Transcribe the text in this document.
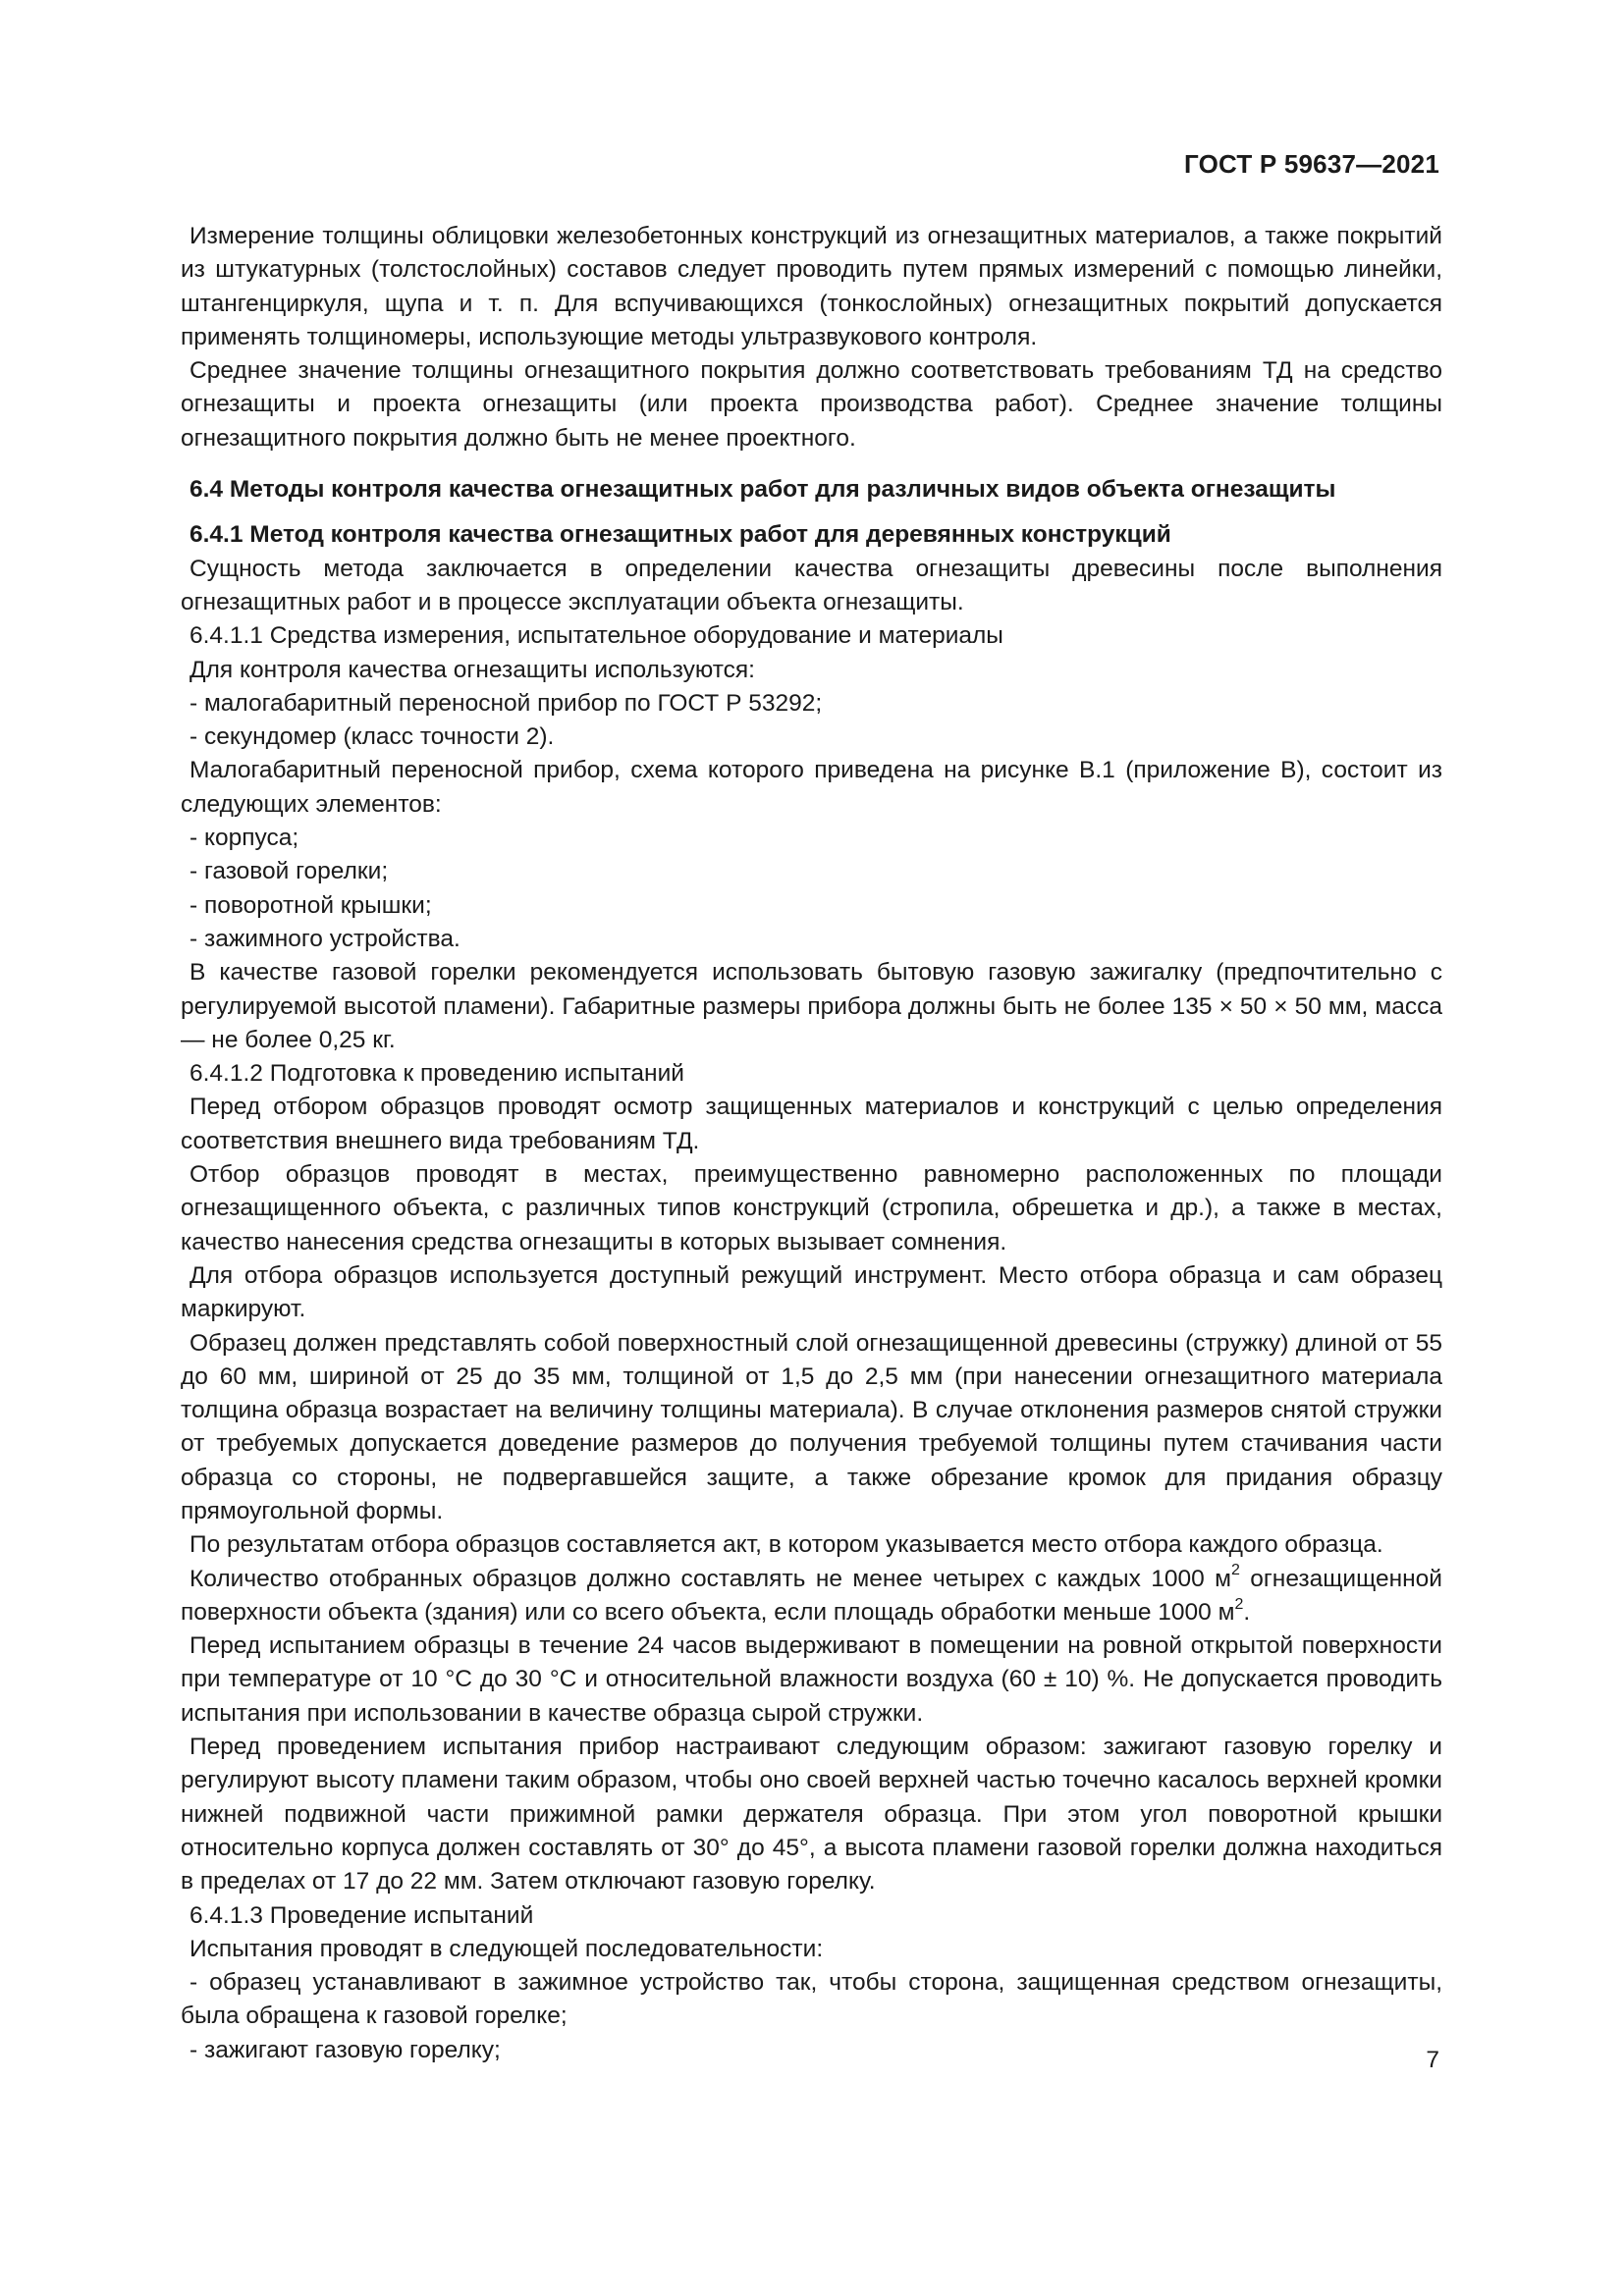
ГОСТ Р 59637—2021

Измерение толщины облицовки железобетонных конструкций из огнезащитных материалов, а также покрытий из штукатурных (толстослойных) составов следует проводить путем прямых измерений с помощью линейки, штангенциркуля, щупа и т. п. Для вспучивающихся (тонкослойных) огнезащитных покрытий допускается применять толщиномеры, использующие методы ультразвукового контроля.

Среднее значение толщины огнезащитного покрытия должно соответствовать требованиям ТД на средство огнезащиты и проекта огнезащиты (или проекта производства работ). Среднее значение толщины огнезащитного покрытия должно быть не менее проектного.

6.4 Методы контроля качества огнезащитных работ для различных видов объекта огнезащиты

6.4.1 Метод контроля качества огнезащитных работ для деревянных конструкций

Сущность метода заключается в определении качества огнезащиты древесины после выполнения огнезащитных работ и в процессе эксплуатации объекта огнезащиты.

6.4.1.1 Средства измерения, испытательное оборудование и материалы

Для контроля качества огнезащиты используются:

- малогабаритный переносной прибор по ГОСТ Р 53292;

- секундомер (класс точности 2).

Малогабаритный переносной прибор, схема которого приведена на рисунке В.1 (приложение В), состоит из следующих элементов:

- корпуса;

- газовой горелки;

- поворотной крышки;

- зажимного устройства.

В качестве газовой горелки рекомендуется использовать бытовую газовую зажигалку (предпочтительно с регулируемой высотой пламени). Габаритные размеры прибора должны быть не более 135 × 50 × 50 мм, масса — не более 0,25 кг.

6.4.1.2 Подготовка к проведению испытаний

Перед отбором образцов проводят осмотр защищенных материалов и конструкций с целью определения соответствия внешнего вида требованиям ТД.

Отбор образцов проводят в местах, преимущественно равномерно расположенных по площади огнезащищенного объекта, с различных типов конструкций (стропила, обрешетка и др.), а также в местах, качество нанесения средства огнезащиты в которых вызывает сомнения.

Для отбора образцов используется доступный режущий инструмент. Место отбора образца и сам образец маркируют.

Образец должен представлять собой поверхностный слой огнезащищенной древесины (стружку) длиной от 55 до 60 мм, шириной от 25 до 35 мм, толщиной от 1,5 до 2,5 мм (при нанесении огнезащитного материала толщина образца возрастает на величину толщины материала). В случае отклонения размеров снятой стружки от требуемых допускается доведение размеров до получения требуемой толщины путем стачивания части образца со стороны, не подвергавшейся защите, а также обрезание кромок для придания образцу прямоугольной формы.

По результатам отбора образцов составляется акт, в котором указывается место отбора каждого образца.

Количество отобранных образцов должно составлять не менее четырех с каждых 1000 $м^2$ огнезащищенной поверхности объекта (здания) или со всего объекта, если площадь обработки меньше 1000 $м^2$.

Перед испытанием образцы в течение 24 часов выдерживают в помещении на ровной открытой поверхности при температуре от 10 °С до 30 °С и относительной влажности воздуха (60 ± 10) %. Не допускается проводить испытания при использовании в качестве образца сырой стружки.

Перед проведением испытания прибор настраивают следующим образом: зажигают газовую горелку и регулируют высоту пламени таким образом, чтобы оно своей верхней частью точечно касалось верхней кромки нижней подвижной части прижимной рамки держателя образца. При этом угол поворотной крышки относительно корпуса должен составлять от 30° до 45°, а высота пламени газовой горелки должна находиться в пределах от 17 до 22 мм. Затем отключают газовую горелку.

6.4.1.3 Проведение испытаний

Испытания проводят в следующей последовательности:

- образец устанавливают в зажимное устройство так, чтобы сторона, защищенная средством огнезащиты, была обращена к газовой горелке;

- зажигают газовую горелку;	7
